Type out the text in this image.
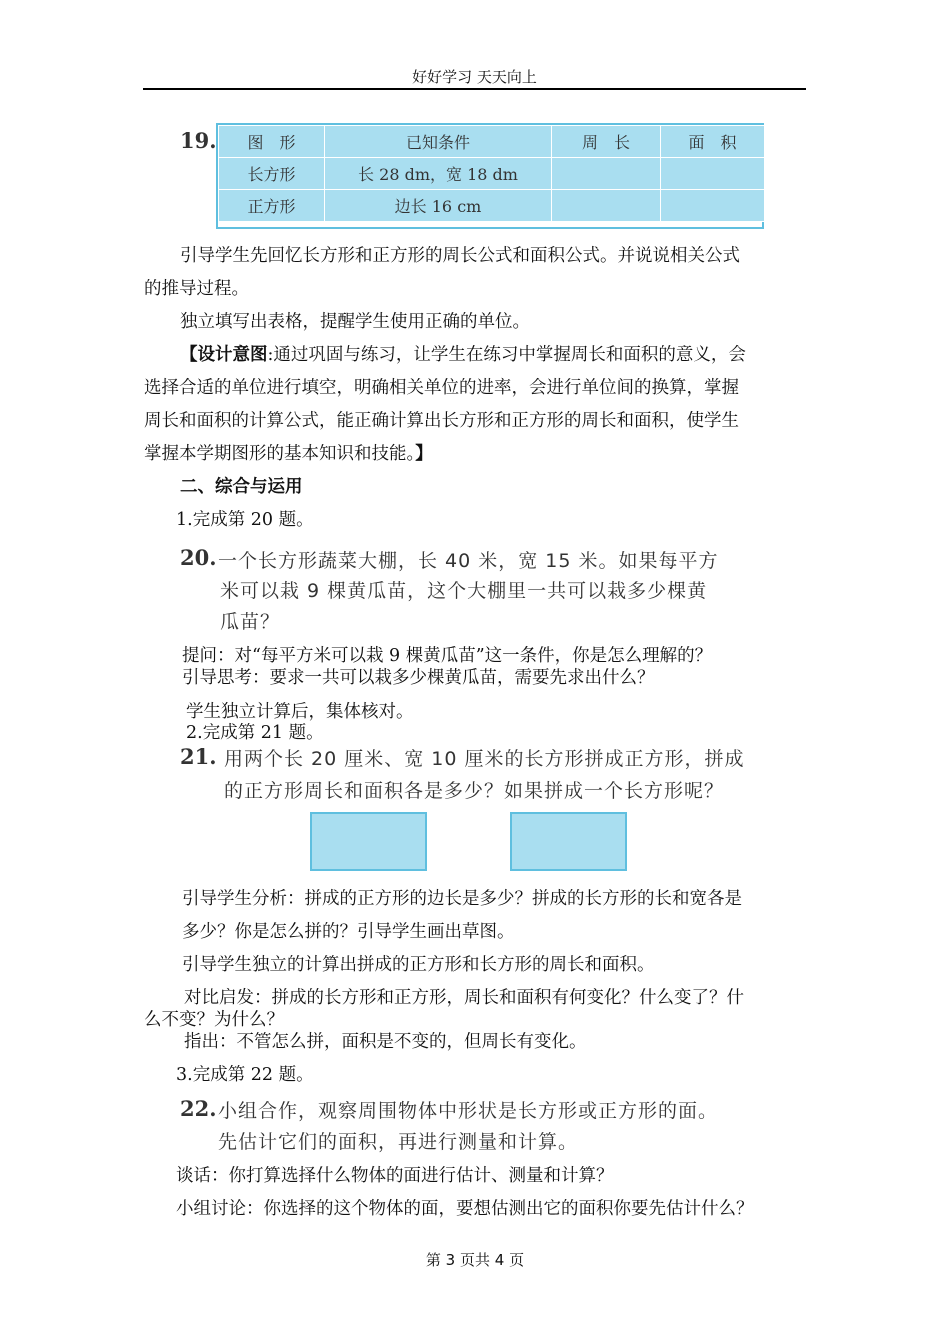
好好学习 天天向上
19. 图　形	已知条件	周　长	面　积
长方形	长 28 dm，宽 18 dm		
正方形	边长 16 cm		
引导学生先回忆长方形和正方形的周长公式和面积公式。并说说相关公式
的推导过程。
独立填写出表格，提醒学生使用正确的单位。
【设计意图:通过巩固与练习，让学生在练习中掌握周长和面积的意义，会
选择合适的单位进行填空，明确相关单位的进率，会进行单位间的换算，掌握
周长和面积的计算公式，能正确计算出长方形和正方形的周长和面积，使学生
掌握本学期图形的基本知识和技能。】
二、综合与运用
1.完成第 20 题。
20. 一个长方形蔬菜大棚，长 40 米，宽 15 米。如果每平方
米可以栽 9 棵黄瓜苗，这个大棚里一共可以栽多少棵黄
瓜苗？
提问：对“每平方米可以栽 9 棵黄瓜苗”这一条件，你是怎么理解的？
引导思考：要求一共可以栽多少棵黄瓜苗，需要先求出什么？
学生独立计算后，集体核对。
2.完成第 21 题。
21. 用两个长 20 厘米、宽 10 厘米的长方形拼成正方形，拼成
的正方形周长和面积各是多少？如果拼成一个长方形呢？
引导学生分析：拼成的正方形的边长是多少？拼成的长方形的长和宽各是
多少？你是怎么拼的？引导学生画出草图。
引导学生独立的计算出拼成的正方形和长方形的周长和面积。
对比启发：拼成的长方形和正方形，周长和面积有何变化？什么变了？什
么不变？为什么？
指出：不管怎么拼，面积是不变的，但周长有变化。
3.完成第 22 题。
22. 小组合作，观察周围物体中形状是长方形或正方形的面。
先估计它们的面积，再进行测量和计算。
谈话：你打算选择什么物体的面进行估计、测量和计算？
小组讨论：你选择的这个物体的面，要想估测出它的面积你要先估计什么？
第 3 页共 4 页
